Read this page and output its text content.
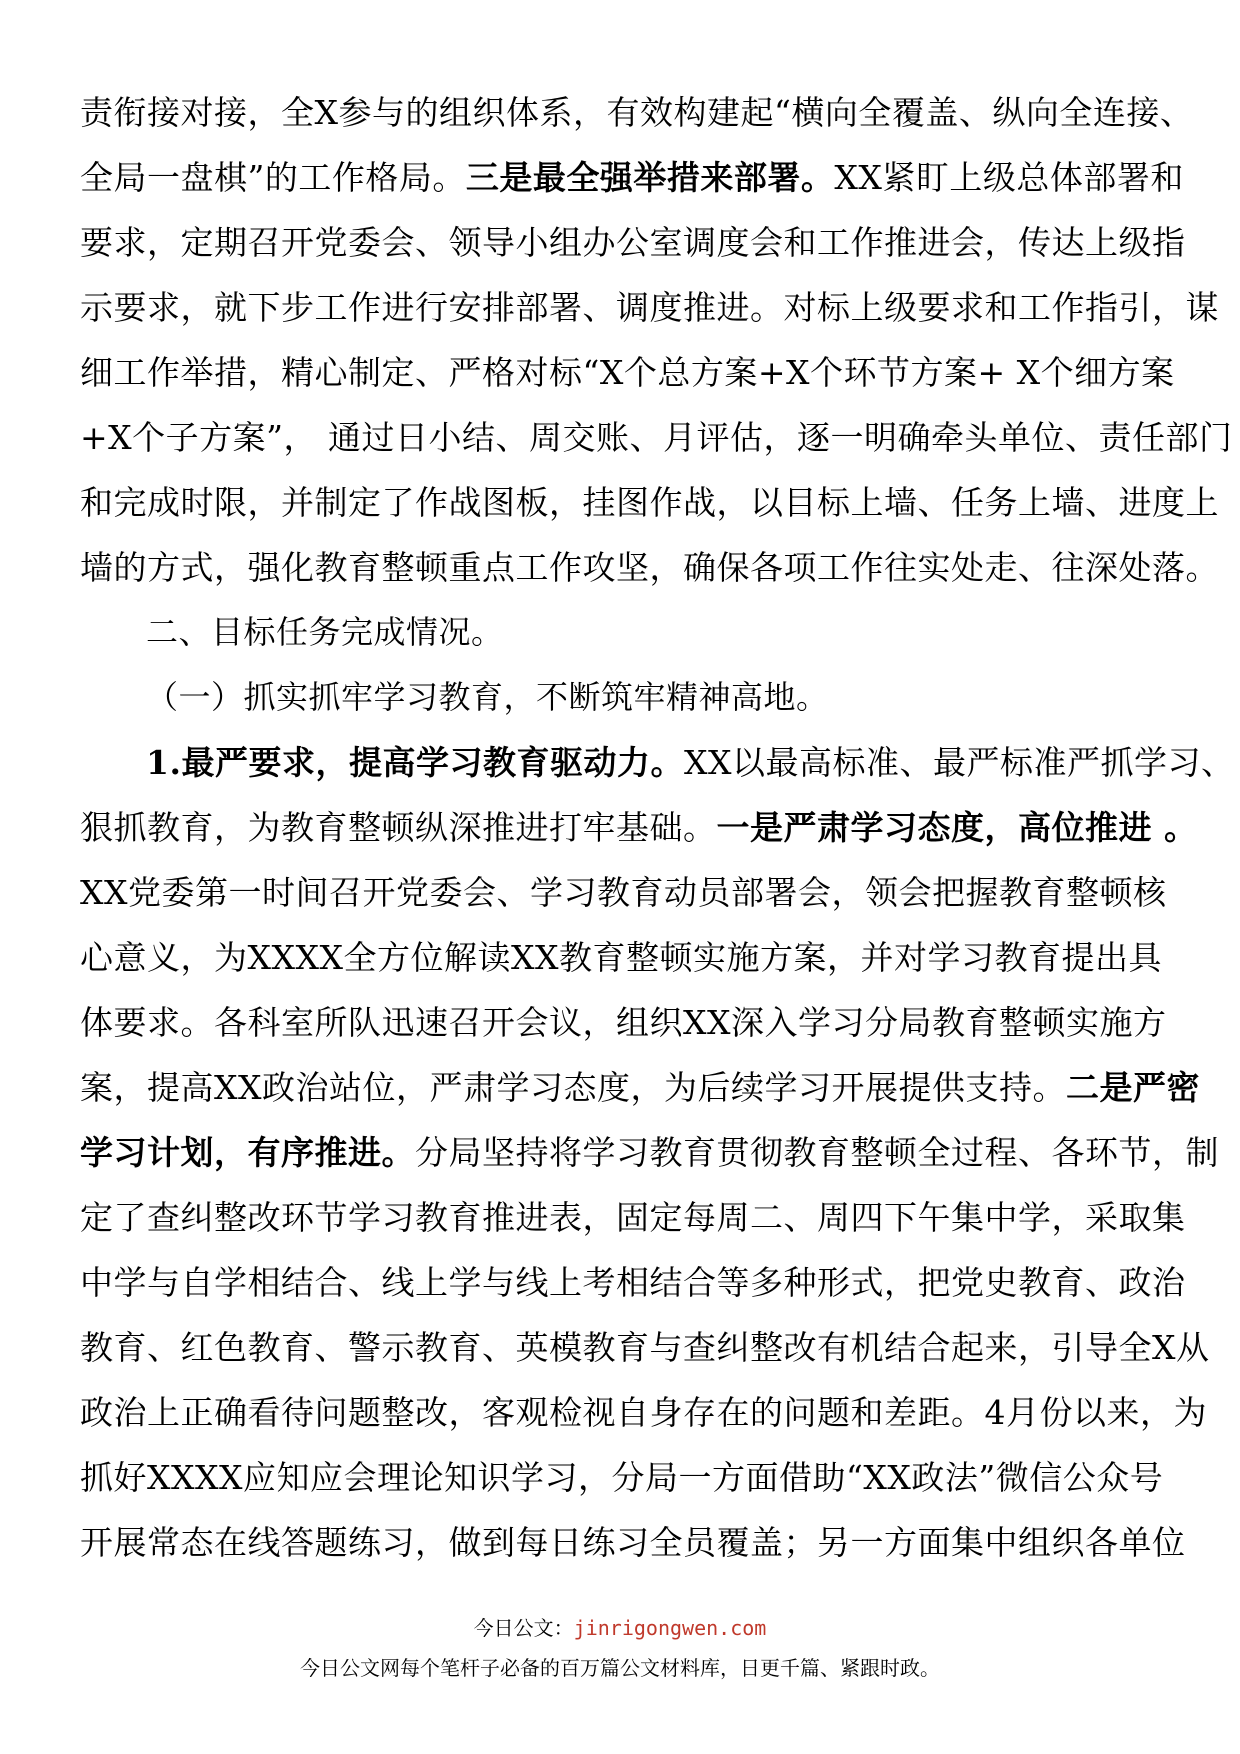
责衔接对接，全X参与的组织体系，有效构建起“横向全覆盖、纵向全连接、
全局一盘棋”的工作格局。三是最全强举措来部署。XX紧盯上级总体部署和
要求，定期召开党委会、领导小组办公室调度会和工作推进会，传达上级指
示要求，就下步工作进行安排部署、调度推进。对标上级要求和工作指引，谋
细工作举措，精心制定、严格对标“X个总方案+X个环节方案+ X个细方案
+X个子方案”， 通过日小结、周交账、月评估，逐一明确牵头单位、责任部门
和完成时限，并制定了作战图板，挂图作战，以目标上墙、任务上墙、进度上
墙的方式，强化教育整顿重点工作攻坚，确保各项工作往实处走、往深处落。
二、目标任务完成情况。
（一）抓实抓牢学习教育，不断筑牢精神高地。
1.最严要求，提高学习教育驱动力。XX以最高标准、最严标准严抓学习、
狠抓教育，为教育整顿纵深推进打牢基础。一是严肃学习态度，高位推进 。
XX党委第一时间召开党委会、学习教育动员部署会，领会把握教育整顿核
心意义，为XXXX全方位解读XX教育整顿实施方案，并对学习教育提出具
体要求。各科室所队迅速召开会议，组织XX深入学习分局教育整顿实施方
案，提高XX政治站位，严肃学习态度，为后续学习开展提供支持。二是严密
学习计划，有序推进。分局坚持将学习教育贯彻教育整顿全过程、各环节，制
定了查纠整改环节学习教育推进表，固定每周二、周四下午集中学，采取集
中学与自学相结合、线上学与线上考相结合等多种形式，把党史教育、政治
教育、红色教育、警示教育、英模教育与查纠整改有机结合起来，引导全X从
政治上正确看待问题整改，客观检视自身存在的问题和差距。4月份以来，为
抓好XXXX应知应会理论知识学习，分局一方面借助“XX政法”微信公众号
开展常态在线答题练习，做到每日练习全员覆盖；另一方面集中组织各单位
今日公文：jinrigongwen.com
今日公文网每个笔杆子必备的百万篇公文材料库，日更千篇、紧跟时政。
